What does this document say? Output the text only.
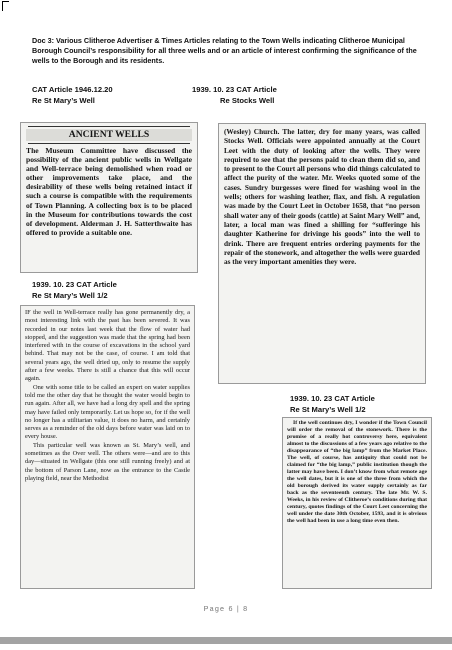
Doc 3: Various Clitheroe Advertiser & Times Articles relating to the Town Wells indicating Clitheroe Municipal Borough Council’s responsibility for all three wells and or an article of interest confirming the significance of the wells to the Borough and its residents.
CAT Article 1946.12.20
Re St Mary’s Well
1939. 10. 23 CAT Article
Re Stocks Well
1939. 10. 23 CAT Article
Re St Mary’s Well 1/2
1939. 10. 23 CAT Article
Re St Mary’s Well 1/2
ANCIENT WELLS

The Museum Committee have discussed the possibility of the ancient public wells in Wellgate and Well-terrace being demolished when road or other improvements take place, and the desirability of these wells being retained intact if such a course is compatible with the requirements of Town Planning. A collecting box is to be placed in the Museum for contributions towards the cost of development. Alderman J. H. Satterthwaite has offered to provide a suitable one.

(Wesley) Church. The latter, dry for many years, was called Stocks Well. Officials were appointed annually at the Court Leet with the duty of looking after the wells. They were required to see that the persons paid to clean them did so, and to present to the Court all persons who did things calculated to affect the purity of the water. Mr. Weeks quoted some of the cases. Sundry burgesses were fined for washing wool in the wells; others for washing leather, flax, and fish. A regulation was made by the Court Leet in October 1658, that “no person shall water any of their goods (cattle) at Saint Mary Well” and, later, a local man was fined a shilling for “sufferinge his daughter Katherine for drivinge his goods” into the well to drink. There are frequent entries ordering payments for the repair of the stonework, and altogether the wells were guarded as the very important amenities they were.

IF the well in Well-terrace really has gone permanently dry, a most interesting link with the past has been severed. It was recorded in our notes last week that the flow of water had stopped, and the suggestion was made that the spring had been interfered with in the course of excavations in the school yard behind. That may not be the case, of course. I am told that several years ago, the well dried up, only to resume the supply after a few weeks. There is still a chance that this will occur again.

One with some title to be called an expert on water supplies told me the other day that he thought the water would begin to run again. After all, we have had a long dry spell and the spring may have failed only temporarily. Let us hope so, for if the well no longer has a utilitarian value, it does no harm, and certainly serves as a reminder of the old days before water was laid on to every house.

This particular well was known as St. Mary’s well, and sometimes as the Over well. The others were—and are to this day—situated in Wellgate (this one still running freely) and at the bottom of Parson Lane, now as the entrance to the Castle playing field, near the Methodist

If the well continues dry, I wonder if the Town Council will order the removal of the stonework. There is the promise of a really hot controversy here, equivalent almost to the discussions of a few years ago relative to the disappearance of “the big lamp” from the Market Place. The well, of course, has antiquity that could not be claimed for “the big lamp,” public institution though the latter may have been. I don’t know from what remote age the well dates, but it is one of the three from which the old borough derived its water supply certainly as far back as the seventeenth century. The late Mr. W. S. Weeks, in his review of Clitheroe’s conditions during that century, quotes findings of the Court Leet concerning the well under the date 30th October, 1593, and it is obvious the well had been in use a long time even then.

Page 6 | 8
